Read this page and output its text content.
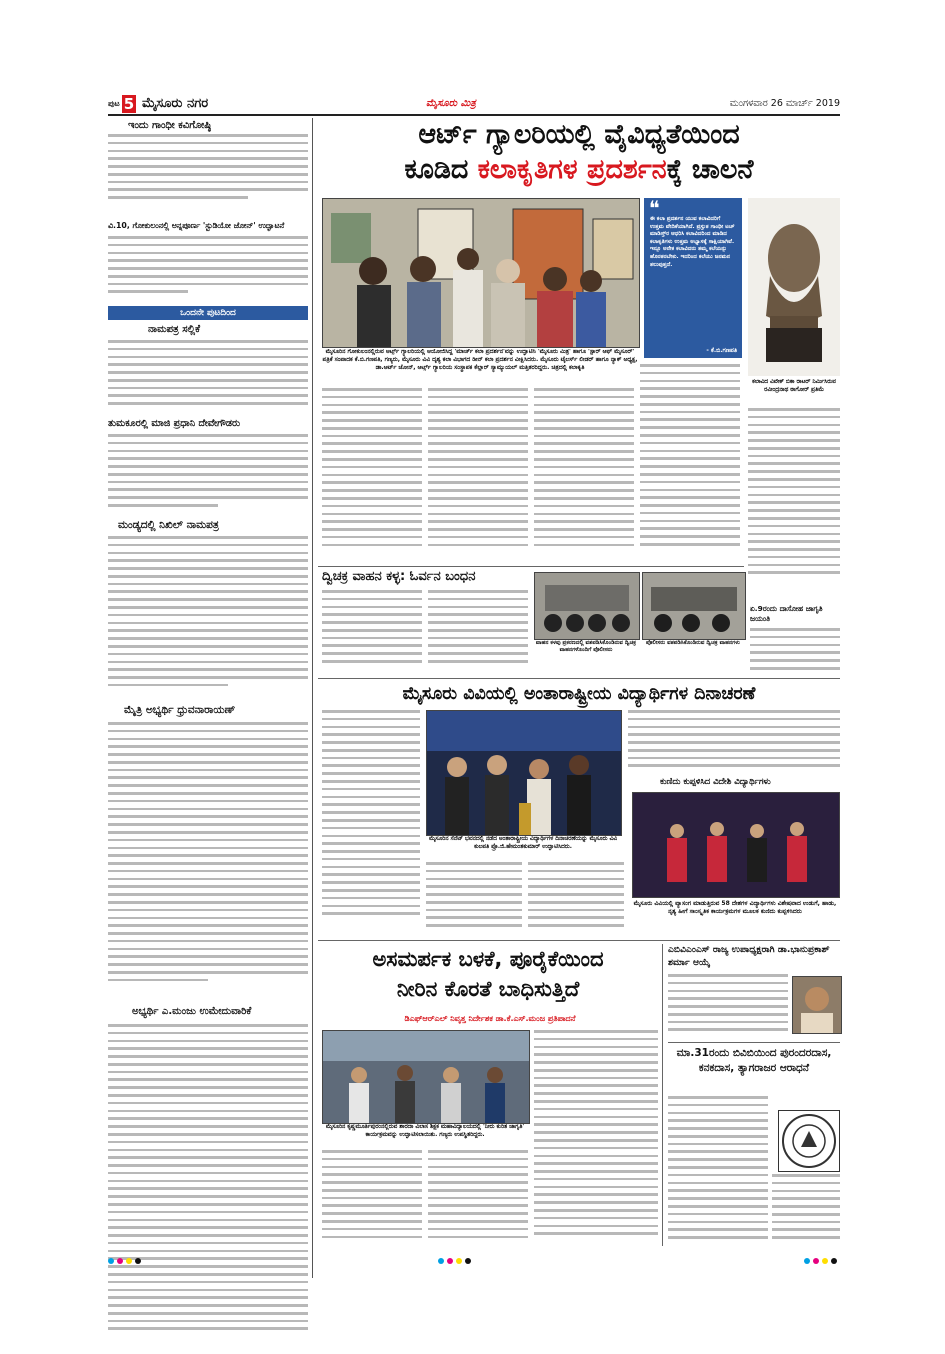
ಪುಟ 5 ಮೈಸೂರು ನಗರ	ಮೈಸೂರು ಮಿತ್ರ	ಮಂಗಳವಾರ 26 ಮಾರ್ಚ್ 2019
ಇಂದು ಗಾಂಧೀ ಕವಿಗೋಷ್ಠಿ
ವಿ.10, ಗೋಕುಲಂನಲ್ಲಿ ಅನ್ನಪೂರ್ಣ 'ಸ್ಟುಡಿಯೋ ಜೋನ್' ಉದ್ಘಾಟನೆ
ಒಂದನೇ ಪುಟದಿಂದ
ನಾಮಪತ್ರ ಸಲ್ಲಿಕೆ
ತುಮಕೂರಲ್ಲಿ ಮಾಜಿ ಪ್ರಧಾನಿ ದೇವೇಗೌಡರು
ಮಂಡ್ಯದಲ್ಲಿ ನಿಖಿಲ್ ನಾಮಪತ್ರ
ಮೈತ್ರಿ ಅಭ್ಯರ್ಥಿ ಧ್ರುವನಾರಾಯಣ್
ಅಭ್ಯರ್ಥಿ ಎ.ಮಂಜು ಉಮೇದುವಾರಿಕೆ
ಆರ್ಟ್ ಗ್ಯಾಲರಿಯಲ್ಲಿ ವೈವಿಧ್ಯತೆಯಿಂದ
ಕೂಡಿದ ಕಲಾಕೃತಿಗಳ ಪ್ರದರ್ಶನಕ್ಕೆ ಚಾಲನೆ
ಮೈಸೂರಿನ ಗೋಕುಲಂನಲ್ಲಿರುವ ಆರ್ಟ್ಸ್ ಗ್ಯಾಲರಿಯಲ್ಲಿ ಆಯೋಜಿಸಿದ್ದ 'ಮಾರ್ಚ್ ಕಲಾ ಪ್ರದರ್ಶನ'ವನ್ನು ಉದ್ಘಾಟಿಸಿ 'ಮೈಸೂರು ಮಿತ್ರ' ಹಾಗೂ 'ಸ್ಟಾರ್ ಆಫ್ ಮೈಸೂರ್' ಪತ್ರಿಕೆ ಸಂಪಾದಕ ಕೆ.ಬಿ.ಗಣಪತಿ, ಗಣ್ಯರು, ಮೈಸೂರು ವಿವಿ ದೃಶ್ಯ ಕಲಾ ವಿಭಾಗದ ಡೀನ್ ಕಲಾ ಪ್ರದರ್ಶನ ವೀಕ್ಷಿಸಿದರು. ಮೈಸೂರು ಟೈಲರ್ಸ್ ಲೀಡರ್‌ ಹಾಗೂ ನ್ಯಾಕ್‌ ಅಧ್ಯಕ್ಷ, ಡಾ.ಆರ್ಟ್ ಜೋನ್, ಆರ್ಟ್ಸ್ ಗ್ಯಾಲರಿಯ ಸಂಸ್ಥಾಪಕ ಕೆಲ್ಲಾರ್ ಸ್ಯಾಮ್ಯುಯಲ್ ಮತ್ತಿತರರಿದ್ದರು. ಚಿತ್ರದಲ್ಲಿ ಕಲಾಕೃತಿ
❝
ಈ ಕಲಾ ಪ್ರದರ್ಶನ ಯುವ ಕಲಾವಿದರಿಗೆ ಉತ್ತಮ ವೇದಿಕೆಯಾಗಿದೆ. ಪ್ರಸ್ತುತ ಗಾಂಧೀ ಟಚ್ ಮಾಡಿಸ್ತ್‌ರ ಆಧರಿಸಿ ಕಲಾವಿದರಿಂದ ಮಾಡಿದ ಕಲಾಕೃತಿಗಳು ಉತ್ತಮ ಅಭ್ಯಾಸಕ್ಕೆ ಸಾಕ್ಷಿಯಾಗಿವೆ. ಇನ್ನೂ ಅನೇಕ ಕಲಾವಿದರು ತಮ್ಮ ಕಲೆಯನ್ನು ಹೊರತರಬೇಕು. ಇದರಿಂದ ಕಲೆಯು ಜನಮನ ತಲುಪುತ್ತದೆ.
- ಕೆ.ಬಿ.ಗಣಪತಿ
ಕಲಾವಿದ ವಿವೇಕ್ ಬಿಕಾ ರಾಟರ್ ನಿರ್ಮಿಸಿರುವ ರವೀಂದ್ರನಾಥ ಠಾಗೋರ್ ಪ್ರತಿಮೆ
ದ್ವಿಚಕ್ರ ವಾಹನ ಕಳ್ಳ: ಓರ್ವನ ಬಂಧನ
ವಾಹನ ಕಳವು ಪ್ರಕರಣದಲ್ಲಿ ವಶಪಡಿಸಿಕೊಂಡಿರುವ ದ್ವಿಚಕ್ರ ವಾಹನಗಳೊಂದಿಗೆ ಪೊಲೀಸರು
ಪೊಲೀಸರು ವಶಪಡಿಸಿಕೊಂಡಿರುವ ದ್ವಿಚಕ್ರ ವಾಹನಗಳು
ಏ.9ರಂದು ದಾಸೋಹ ಜಾಗೃತಿ ಜಯಂತಿ
ಮೈಸೂರು ವಿವಿಯಲ್ಲಿ ಅಂತಾರಾಷ್ಟ್ರೀಯ ವಿದ್ಯಾರ್ಥಿಗಳ ದಿನಾಚರಣೆ
ಮೈಸೂರಿನ ಸೆನೆಟ್ ಭವನದಲ್ಲಿ ನಡೆದ ಅಂತಾರಾಷ್ಟ್ರೀಯ ವಿದ್ಯಾರ್ಥಿಗಳ ದಿನಾಚರಣೆಯನ್ನು ಮೈಸೂರು ವಿವಿ ಕುಲಪತಿ ಪ್ರೊ.ಜಿ.ಹೇಮಂತಕುಮಾರ್ ಉದ್ಘಾಟಿಸಿದರು.
ಕುಣಿದು ಕುಪ್ಪಳಿಸಿದ ವಿದೇಶಿ ವಿದ್ಯಾರ್ಥಿಗಳು
ಮೈಸೂರು ವಿವಿಯಲ್ಲಿ ವ್ಯಾಸಂಗ ಮಾಡುತ್ತಿರುವ 58 ದೇಶಗಳ ವಿದ್ಯಾರ್ಥಿಗಳು ವಿಶೇಷವಾದ ಉಡುಗೆ, ಹಾಡು, ನೃತ್ಯ ಹೀಗೆ ಸಾಂಸ್ಕೃತಿಕ ಕಾರ್ಯಕ್ರಮಗಳ ಮೂಲಕ ಕುಣಿದು ಕುಪ್ಪಳಿಸಿದರು
ಅಸಮರ್ಪಕ ಬಳಕೆ, ಪೂರೈಕೆಯಿಂದ
ನೀರಿನ ಕೊರತೆ ಬಾಧಿಸುತ್ತಿದೆ
ಡಿಎಫ್‌ಆರ್‌ಎಲ್‌ ನಿವೃತ್ತ ನಿರ್ದೇಶಕ ಡಾ.ಕೆ.ಎಸ್.ಮಂಜ ಪ್ರತಿಪಾದನೆ
ಮೈಸೂರಿನ ಕೃಷ್ಣಮೂರ್ತಿಪುರಂನಲ್ಲಿರುವ ಶಾರದಾ ವಿಲಾಸ ಶಿಕ್ಷಕ ಮಹಾವಿದ್ಯಾಲಯದಲ್ಲಿ 'ನೀರು ಕುರಿತ ಜಾಗೃತಿ' ಕಾರ್ಯಕ್ರಮವನ್ನು ಉದ್ಘಾಟಿಸಲಾಯಿತು. ಗಣ್ಯರು ಉಪಸ್ಥಿತರಿದ್ದರು.
ಎಬಿವಿಎಂಎಸ್ ರಾಜ್ಯ ಉಪಾಧ್ಯಕ್ಷರಾಗಿ ಡಾ.ಭಾನುಪ್ರಕಾಶ್ ಶರ್ಮಾ ಆಯ್ಕೆ
ಮಾ.31ರಂದು ಬಿವಿಬಿಯಿಂದ ಪುರಂದರದಾಸ, ಕನಕದಾಸ, ತ್ಯಾಗರಾಜರ ಆರಾಧನೆ
